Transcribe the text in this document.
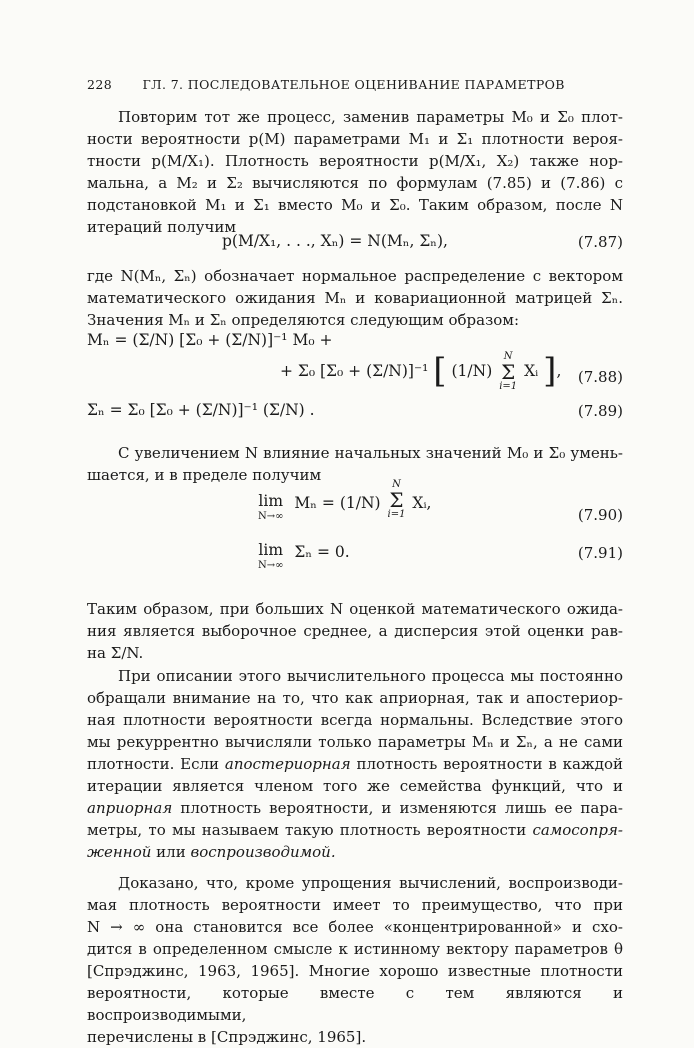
228 ГЛ. 7. ПОСЛЕДОВАТЕЛЬНОЕ ОЦЕНИВАНИЕ ПАРАМЕТРОВ

Повторим тот же процесс, заменив параметры M₀ и Σ₀ плот-

ности вероятности p(M) параметрами M₁ и Σ₁ плотности вероя-

тности p(M/X₁). Плотность вероятности p(M/X₁, X₂) также нор-

мальна, а M₂ и Σ₂ вычисляются по формулам (7.85) и (7.86) с

подстановкой M₁ и Σ₁ вместо M₀ и Σ₀. Таким образом, после N

итераций получим

p(M/X₁, . . ., Xₙ) = N(Mₙ, Σₙ),	(7.87)

где N(Mₙ, Σₙ) обозначает нормальное распределение с вектором

математического ожидания Mₙ и ковариационной матрицей Σₙ.

Значения Mₙ и Σₙ определяются следующим образом:

Mₙ = (Σ/N) [Σ₀ + (Σ/N)]⁻¹ M₀ +
+ Σ₀ [Σ₀ + (Σ/N)]⁻¹ [ (1/N)
N
Σ
i=1
Xᵢ ], (7.88)
Σₙ = Σ₀ [Σ₀ + (Σ/N)]⁻¹ (Σ/N) .	(7.89)

С увеличением N влияние начальных значений M₀ и Σ₀ умень-

шается, и в пределе получим

lim
N→∞
Mₙ = (1/N)
N
Σ
i=1
Xᵢ,
(7.90)
lim
N→∞
Σₙ = 0.	(7.91)

Таким образом, при больших N оценкой математического ожида-

ния является выборочное среднее, а дисперсия этой оценки рав-

на Σ/N.

При описании этого вычислительного процесса мы постоянно

обращали внимание на то, что как априорная, так и апостериор-

ная плотности вероятности всегда нормальны. Вследствие этого

мы рекуррентно вычисляли только параметры Mₙ и Σₙ, а не сами

плотности. Если апостериорная плотность вероятности в каждой

итерации является членом того же семейства функций, что и

априорная плотность вероятности, и изменяются лишь ее пара-

метры, то мы называем такую плотность вероятности самосопря-

женной или воспроизводимой.

Доказано, что, кроме упрощения вычислений, воспроизводи-

мая плотность вероятности имеет то преимущество, что при

N → ∞ она становится все более «концентрированной» и схо-

дится в определенном смысле к истинному вектору параметров θ

[Спрэджинс, 1963, 1965]. Многие хорошо известные плотности

вероятности, которые вместе с тем являются и воспроизводимыми,

перечислены в [Спрэджинс, 1965].
